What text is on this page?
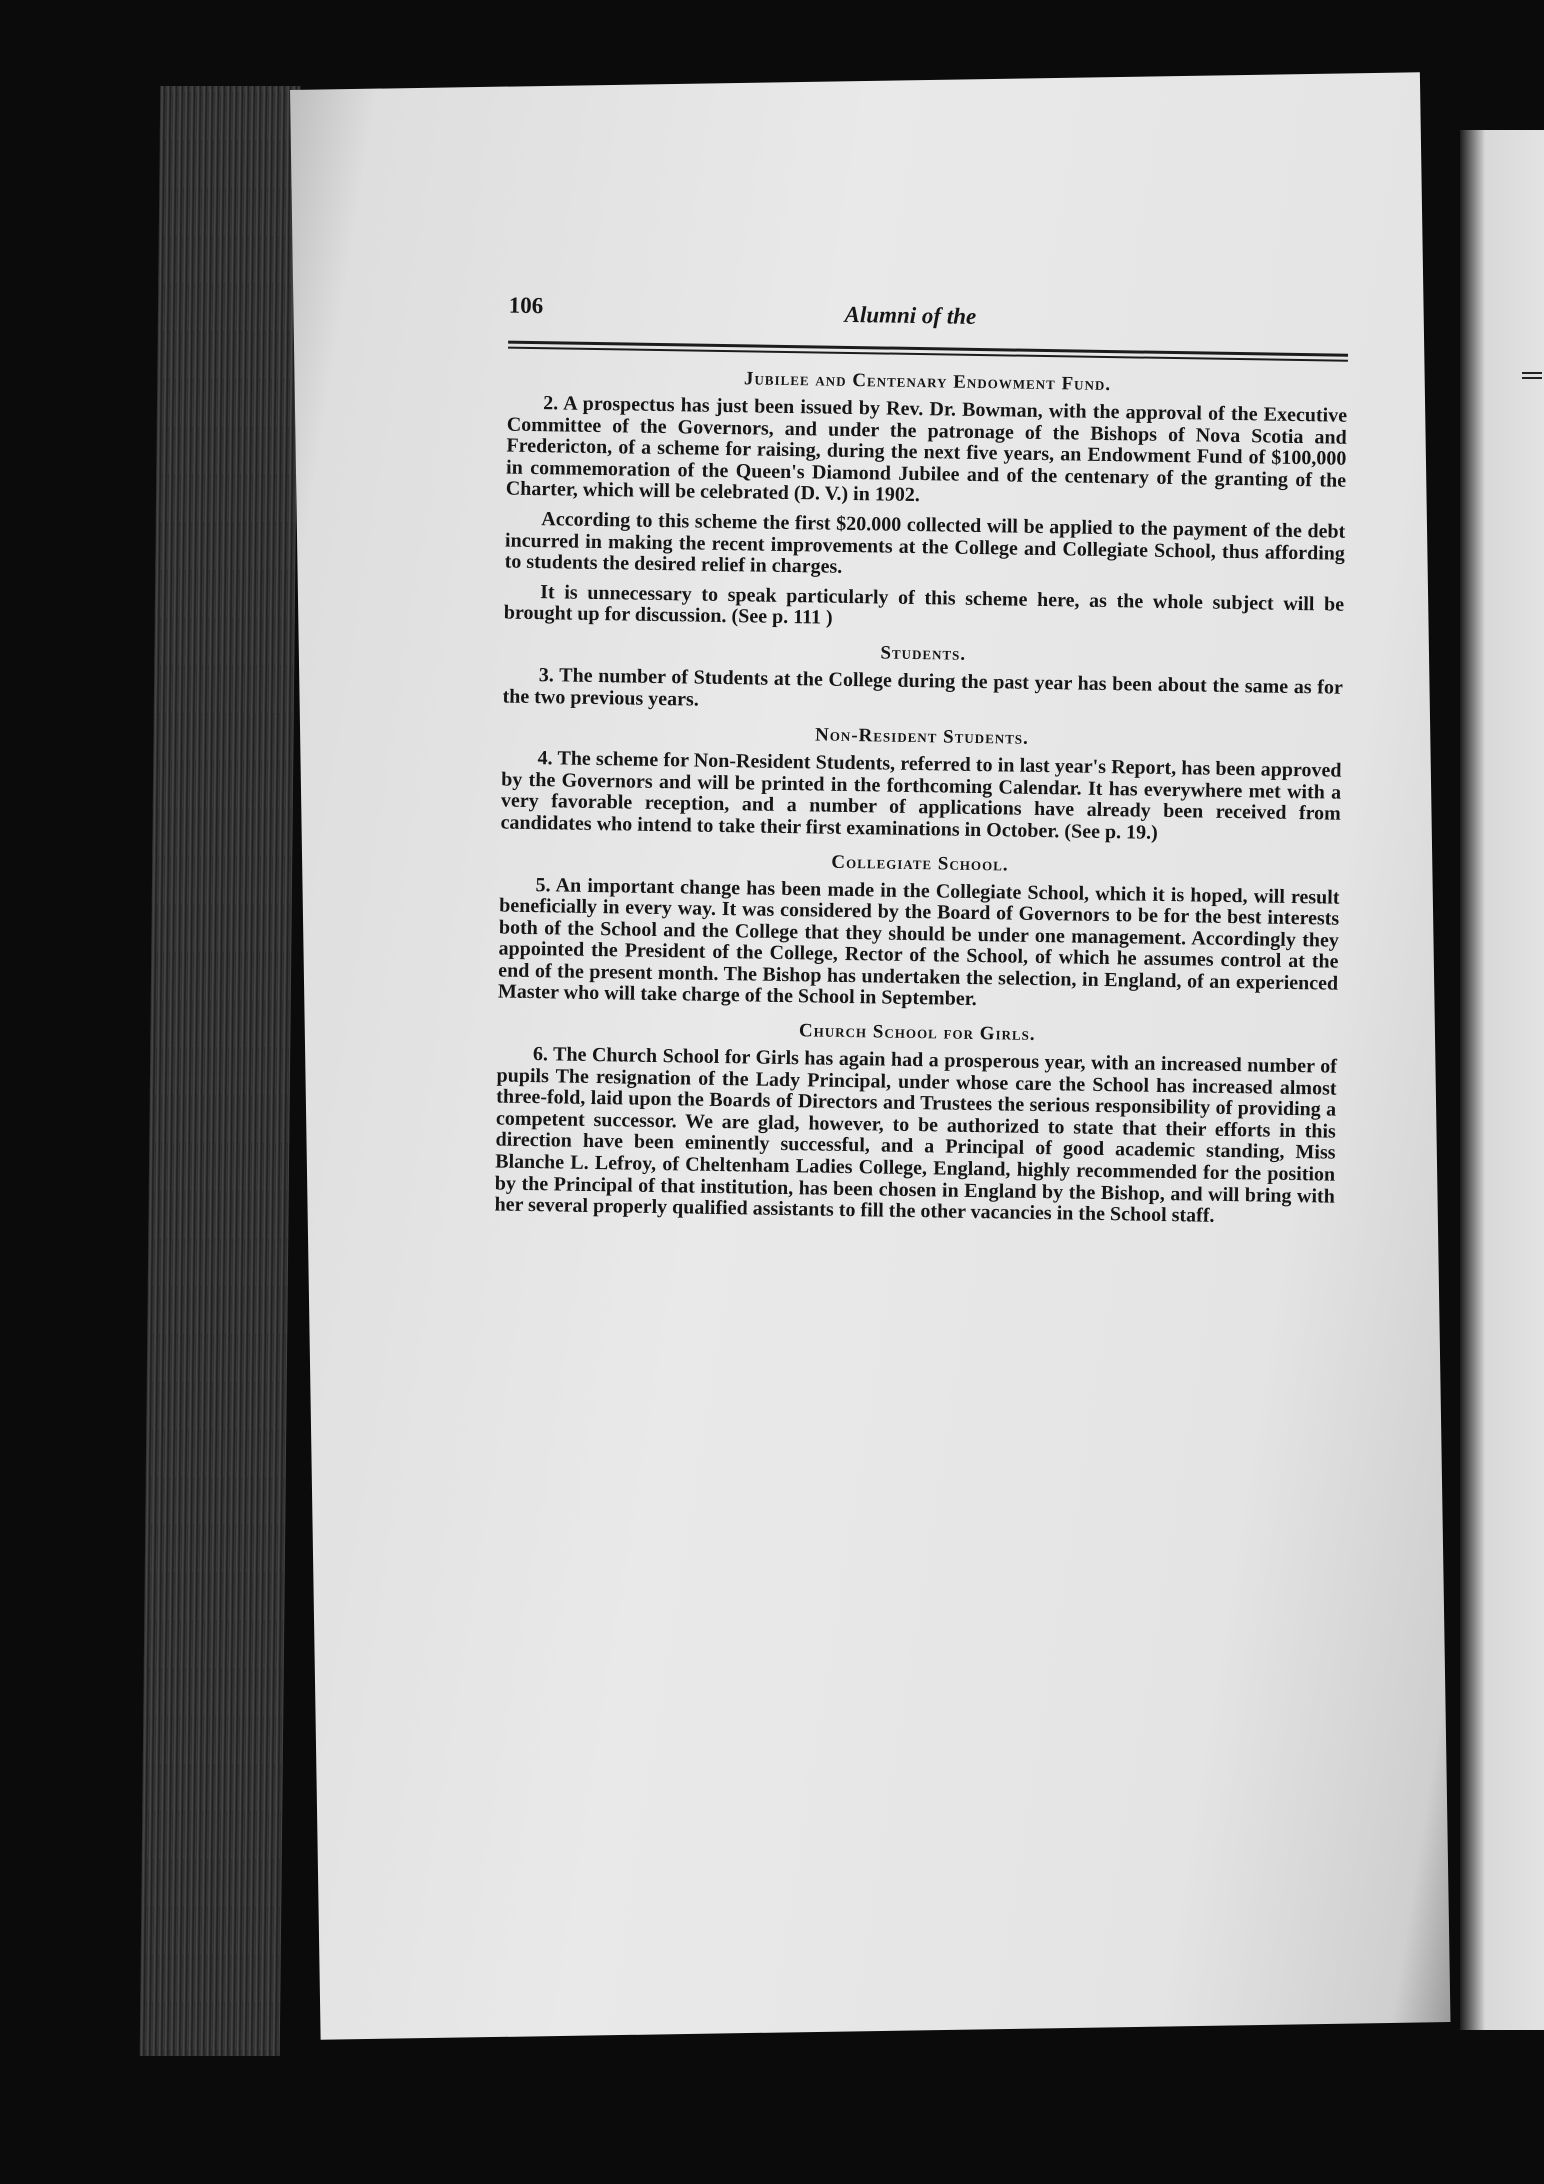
106	Alumni of the
Jubilee and Centenary Endowment Fund.

2. A prospectus has just been issued by Rev. Dr. Bowman, with the approval of the Executive Committee of the Governors, and under the patronage of the Bishops of Nova Scotia and Fredericton, of a scheme for raising, during the next five years, an Endowment Fund of $100,000 in commemoration of the Queen's Diamond Jubilee and of the centenary of the granting of the Charter, which will be celebrated (D. V.) in 1902.

According to this scheme the first $20.000 collected will be applied to the payment of the debt incurred in making the recent improvements at the College and Collegiate School, thus affording to students the desired relief in charges.

It is unnecessary to speak particularly of this scheme here, as the whole subject will be brought up for discussion. (See p. 111 )

Students.

3. The number of Students at the College during the past year has been about the same as for the two previous years.

Non-Resident Students.

4. The scheme for Non-Resident Students, referred to in last year's Report, has been approved by the Governors and will be printed in the forthcoming Calendar. It has everywhere met with a very favorable reception, and a number of applications have already been received from candidates who intend to take their first examinations in October. (See p. 19.)

Collegiate School.

5. An important change has been made in the Collegiate School, which it is hoped, will result beneficially in every way. It was considered by the Board of Governors to be for the best interests both of the School and the College that they should be under one management. Accordingly they appointed the President of the College, Rector of the School, of which he assumes control at the end of the present month. The Bishop has undertaken the selection, in England, of an experienced Master who will take charge of the School in September.

Church School for Girls.

6. The Church School for Girls has again had a prosperous year, with an increased number of pupils The resignation of the Lady Principal, under whose care the School has increased almost three-fold, laid upon the Boards of Directors and Trustees the serious responsibility of providing a competent successor. We are glad, however, to be authorized to state that their efforts in this direction have been eminently successful, and a Principal of good academic standing, Miss Blanche L. Lefroy, of Cheltenham Ladies College, England, highly recommended for the position by the Principal of that institution, has been chosen in England by the Bishop, and will bring with her several properly qualified assistants to fill the other vacancies in the School staff.
